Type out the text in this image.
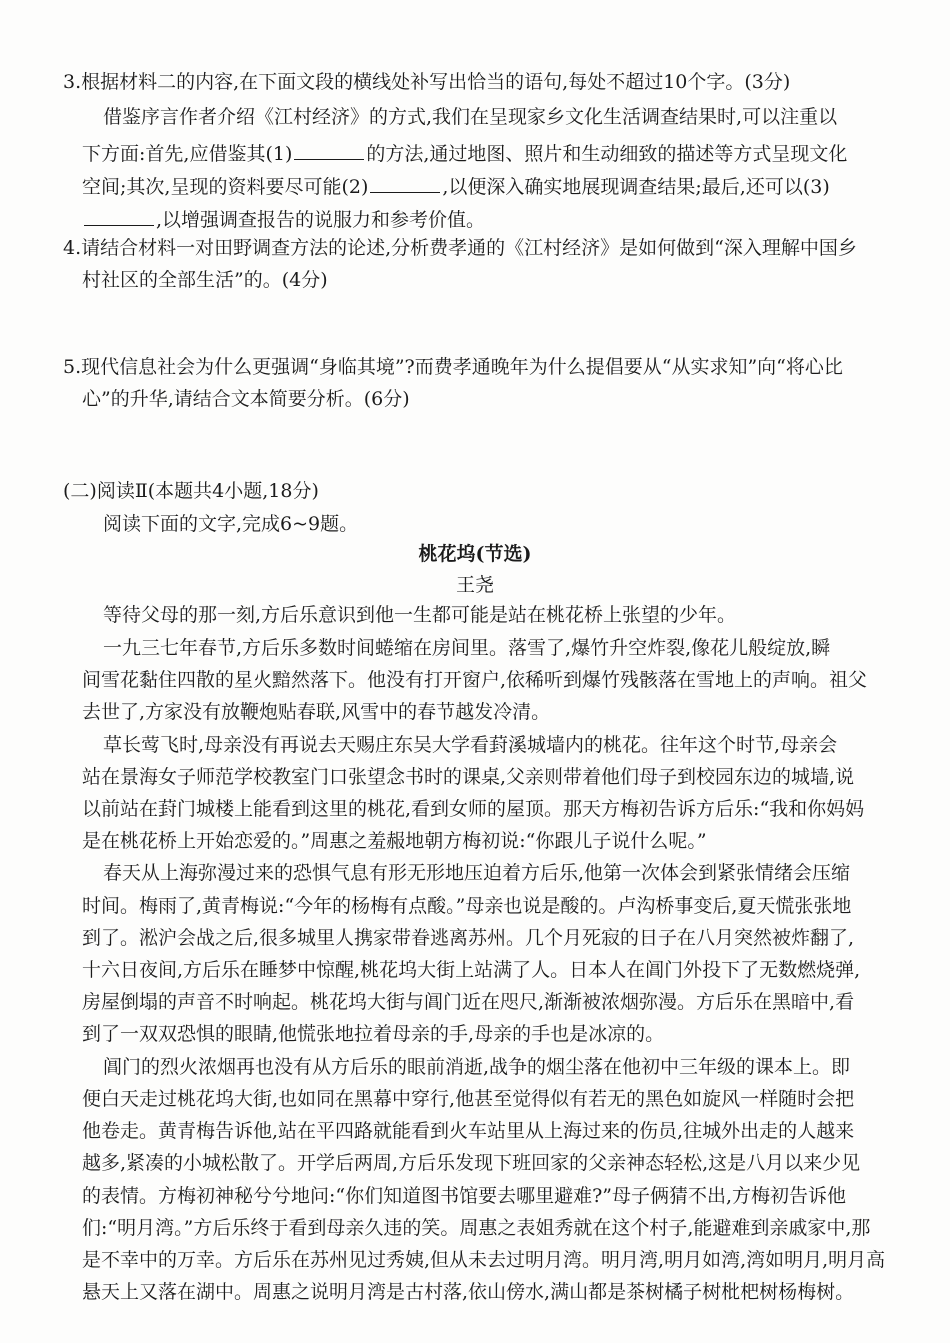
3.根据材料二的内容,在下面文段的横线处补写出恰当的语句,每处不超过10个字。(3分)
借鉴序言作者介绍《江村经济》的方式,我们在呈现家乡文化生活调查结果时,可以注重以
下方面:首先,应借鉴其(1)	的方法,通过地图、照片和生动细致的描述等方式呈现文化
空间;其次,呈现的资料要尽可能(2)	,以便深入确实地展现调查结果;最后,还可以(3)
,以增强调查报告的说服力和参考价值。
4.请结合材料一对田野调查方法的论述,分析费孝通的《江村经济》是如何做到“深入理解中国乡
村社区的全部生活”的。(4分)
5.现代信息社会为什么更强调“身临其境”?而费孝通晚年为什么提倡要从“从实求知”向“将心比
心”的升华,请结合文本简要分析。(6分)
(二)阅读Ⅱ(本题共4小题,18分)
阅读下面的文字,完成6~9题。
桃花坞(节选)
王尧
等待父母的那一刻,方后乐意识到他一生都可能是站在桃花桥上张望的少年。
一九三七年春节,方后乐多数时间蜷缩在房间里。落雪了,爆竹升空炸裂,像花儿般绽放,瞬
间雪花黏住四散的星火黯然落下。他没有打开窗户,依稀听到爆竹残骸落在雪地上的声响。祖父
去世了,方家没有放鞭炮贴春联,风雪中的春节越发冷清。
草长莺飞时,母亲没有再说去天赐庄东吴大学看葑溪城墙内的桃花。往年这个时节,母亲会
站在景海女子师范学校教室门口张望念书时的课桌,父亲则带着他们母子到校园东边的城墙,说
以前站在葑门城楼上能看到这里的桃花,看到女师的屋顶。那天方梅初告诉方后乐:“我和你妈妈
是在桃花桥上开始恋爱的。”周惠之羞赧地朝方梅初说:“你跟儿子说什么呢。”
春天从上海弥漫过来的恐惧气息有形无形地压迫着方后乐,他第一次体会到紧张情绪会压缩
时间。梅雨了,黄青梅说:“今年的杨梅有点酸。”母亲也说是酸的。卢沟桥事变后,夏天慌张张地
到了。淞沪会战之后,很多城里人携家带眷逃离苏州。几个月死寂的日子在八月突然被炸翻了,
十六日夜间,方后乐在睡梦中惊醒,桃花坞大街上站满了人。日本人在阊门外投下了无数燃烧弹,
房屋倒塌的声音不时响起。桃花坞大街与阊门近在咫尺,渐渐被浓烟弥漫。方后乐在黑暗中,看
到了一双双恐惧的眼睛,他慌张地拉着母亲的手,母亲的手也是冰凉的。
阊门的烈火浓烟再也没有从方后乐的眼前消逝,战争的烟尘落在他初中三年级的课本上。即
便白天走过桃花坞大街,也如同在黑幕中穿行,他甚至觉得似有若无的黑色如旋风一样随时会把
他卷走。黄青梅告诉他,站在平四路就能看到火车站里从上海过来的伤员,往城外出走的人越来
越多,紧凑的小城松散了。开学后两周,方后乐发现下班回家的父亲神态轻松,这是八月以来少见
的表情。方梅初神秘兮兮地问:“你们知道图书馆要去哪里避难?”母子俩猜不出,方梅初告诉他
们:“明月湾。”方后乐终于看到母亲久违的笑。周惠之表姐秀就在这个村子,能避难到亲戚家中,那
是不幸中的万幸。方后乐在苏州见过秀姨,但从未去过明月湾。明月湾,明月如湾,湾如明月,明月高
悬天上又落在湖中。周惠之说明月湾是古村落,依山傍水,满山都是茶树橘子树枇杷树杨梅树。
